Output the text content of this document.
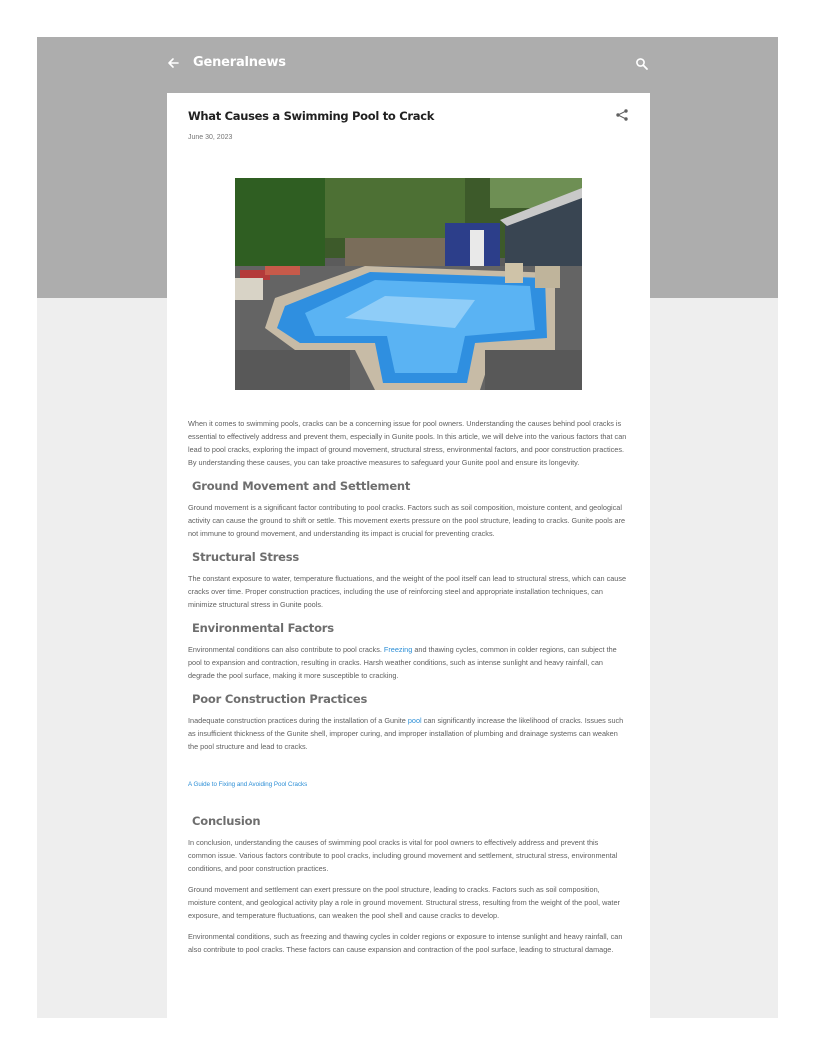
Generalnews
What Causes a Swimming Pool to Crack
June 30, 2023

When it comes to swimming pools, cracks can be a concerning issue for pool owners. Understanding the causes behind pool cracks is essential to effectively address and prevent them, especially in Gunite pools. In this article, we will delve into the various factors that can lead to pool cracks, exploring the impact of ground movement, structural stress, environmental factors, and poor construction practices. By understanding these causes, you can take proactive measures to safeguard your Gunite pool and ensure its longevity.

Ground Movement and Settlement

Ground movement is a significant factor contributing to pool cracks. Factors such as soil composition, moisture content, and geological activity can cause the ground to shift or settle. This movement exerts pressure on the pool structure, leading to cracks. Gunite pools are not immune to ground movement, and understanding its impact is crucial for preventing cracks.

Structural Stress

The constant exposure to water, temperature fluctuations, and the weight of the pool itself can lead to structural stress, which can cause cracks over time. Proper construction practices, including the use of reinforcing steel and appropriate installation techniques, can minimize structural stress in Gunite pools.

Environmental Factors

Environmental conditions can also contribute to pool cracks. Freezing and thawing cycles, common in colder regions, can subject the pool to expansion and contraction, resulting in cracks. Harsh weather conditions, such as intense sunlight and heavy rainfall, can degrade the pool surface, making it more susceptible to cracking.

Poor Construction Practices

Inadequate construction practices during the installation of a Gunite pool can significantly increase the likelihood of cracks. Issues such as insufficient thickness of the Gunite shell, improper curing, and improper installation of plumbing and drainage systems can weaken the pool structure and lead to cracks.

A Guide to Fixing and Avoiding Pool Cracks

Conclusion

In conclusion, understanding the causes of swimming pool cracks is vital for pool owners to effectively address and prevent this common issue. Various factors contribute to pool cracks, including ground movement and settlement, structural stress, environmental conditions, and poor construction practices.

Ground movement and settlement can exert pressure on the pool structure, leading to cracks. Factors such as soil composition, moisture content, and geological activity play a role in ground movement. Structural stress, resulting from the weight of the pool, water exposure, and temperature fluctuations, can weaken the pool shell and cause cracks to develop.

Environmental conditions, such as freezing and thawing cycles in colder regions or exposure to intense sunlight and heavy rainfall, can also contribute to pool cracks. These factors can cause expansion and contraction of the pool surface, leading to structural damage.
